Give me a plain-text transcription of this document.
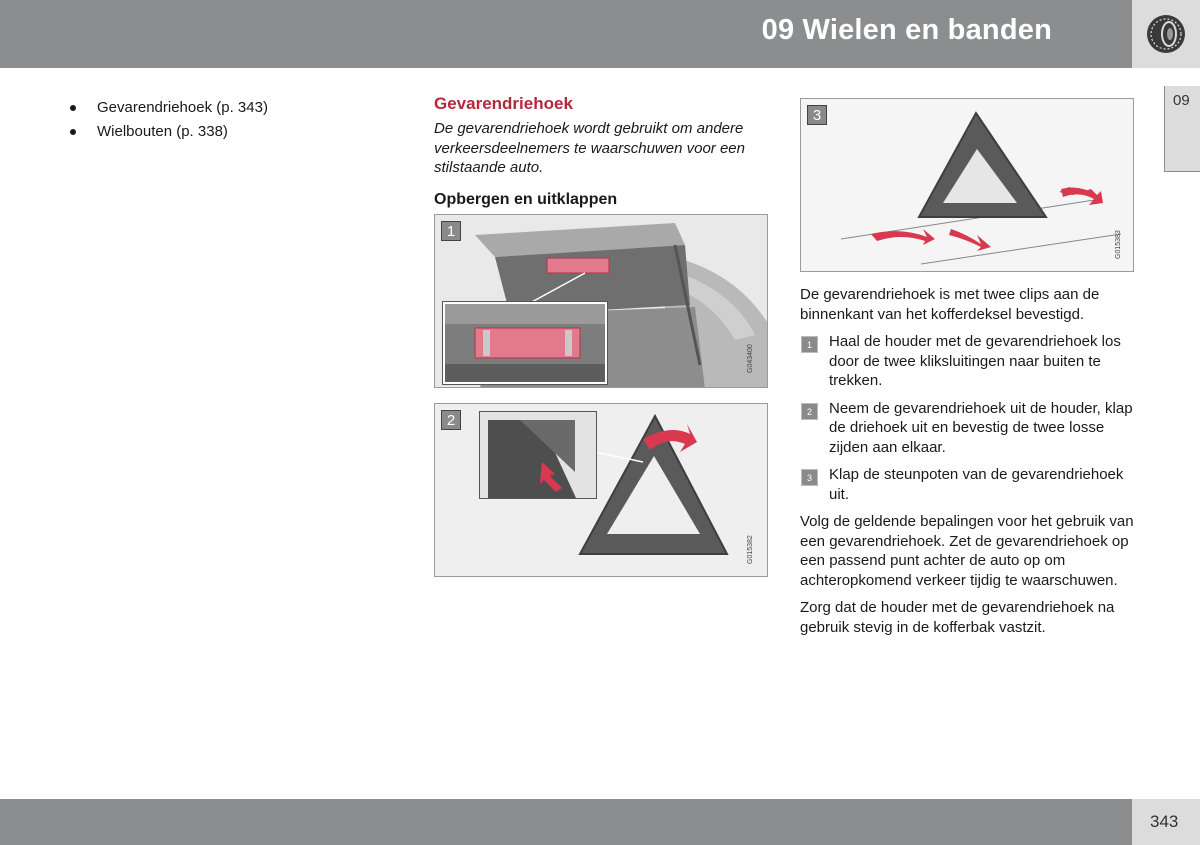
09 Wielen en banden
09
Gevarendriehoek (p. 343)
Wielbouten (p. 338)
Gevarendriehoek

De gevarendriehoek wordt gebruikt om andere verkeersdeelnemers te waarschuwen voor een stilstaande auto.

Opbergen en uitklappen
1
G043400
2
G015382
3
G015383

De gevarendriehoek is met twee clips aan de binnenkant van het kofferdeksel bevestigd.

1	Haal de houder met de gevarendriehoek los door de twee kliksluitingen naar buiten te trekken.
2	Neem de gevarendriehoek uit de houder, klap de driehoek uit en bevestig de twee losse zijden aan elkaar.
3	Klap de steunpoten van de gevarendriehoek uit.

Volg de geldende bepalingen voor het gebruik van een gevarendriehoek. Zet de gevarendriehoek op een passend punt achter de auto op om achteropkomend verkeer tijdig te waarschuwen.

Zorg dat de houder met de gevarendriehoek na gebruik stevig in de kofferbak vastzit.

343
